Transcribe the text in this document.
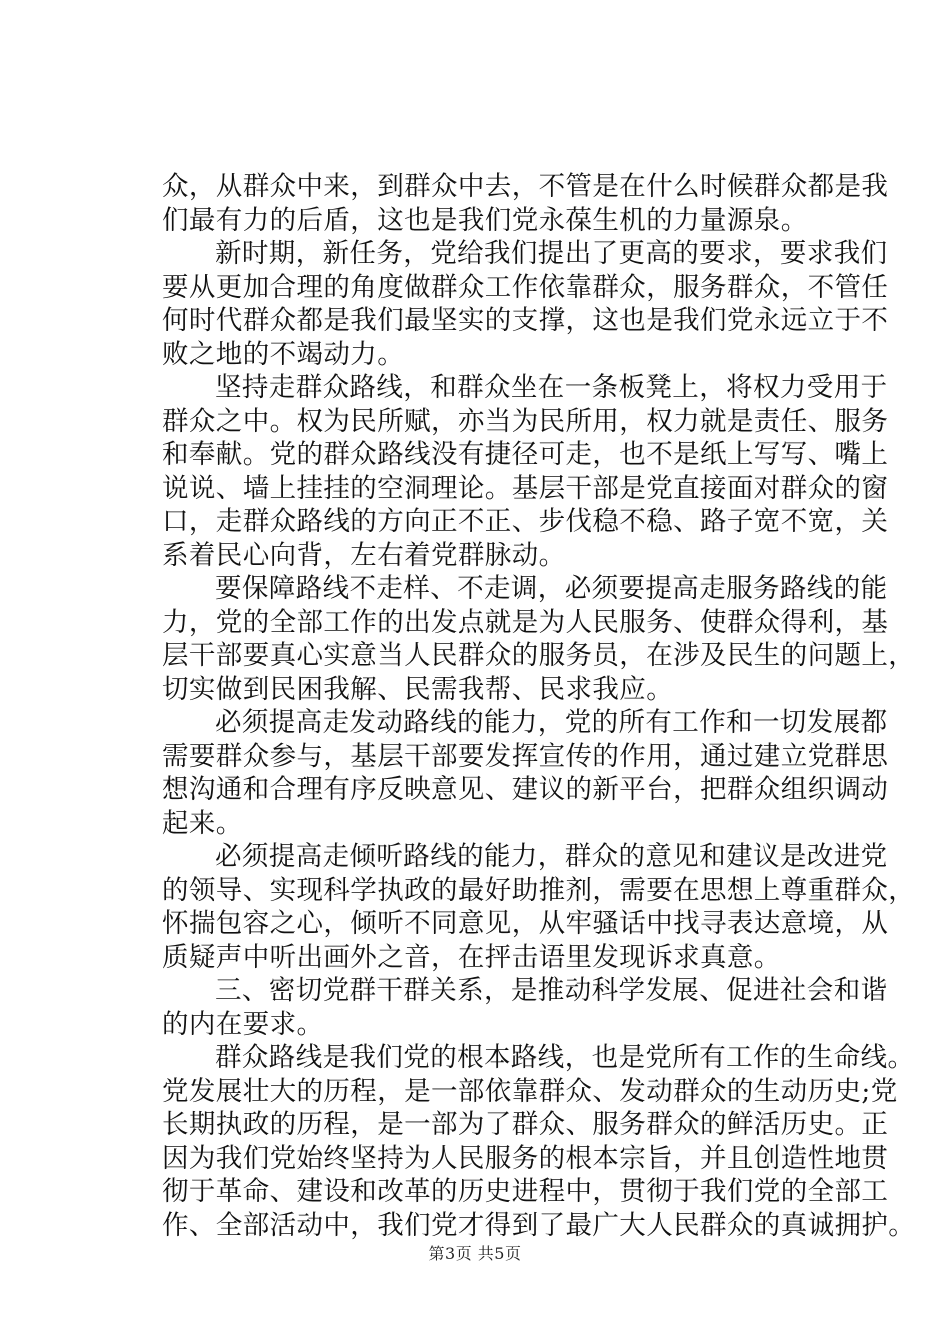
众，从群众中来，到群众中去，不管是在什么时候群众都是我
们最有力的后盾，这也是我们党永葆生机的力量源泉。
新时期，新任务，党给我们提出了更高的要求，要求我们
要从更加合理的角度做群众工作依靠群众，服务群众，不管任
何时代群众都是我们最坚实的支撑，这也是我们党永远立于不
败之地的不竭动力。
坚持走群众路线，和群众坐在一条板凳上，将权力受用于
群众之中。权为民所赋，亦当为民所用，权力就是责任、服务
和奉献。党的群众路线没有捷径可走，也不是纸上写写、嘴上
说说、墙上挂挂的空洞理论。基层干部是党直接面对群众的窗
口，走群众路线的方向正不正、步伐稳不稳、路子宽不宽，关
系着民心向背，左右着党群脉动。
要保障路线不走样、不走调，必须要提高走服务路线的能
力，党的全部工作的出发点就是为人民服务、使群众得利，基
层干部要真心实意当人民群众的服务员，在涉及民生的问题上，
切实做到民困我解、民需我帮、民求我应。
必须提高走发动路线的能力，党的所有工作和一切发展都
需要群众参与，基层干部要发挥宣传的作用，通过建立党群思
想沟通和合理有序反映意见、建议的新平台，把群众组织调动
起来。
必须提高走倾听路线的能力，群众的意见和建议是改进党
的领导、实现科学执政的最好助推剂，需要在思想上尊重群众，
怀揣包容之心，倾听不同意见，从牢骚话中找寻表达意境，从
质疑声中听出画外之音，在抨击语里发现诉求真意。
三、密切党群干群关系，是推动科学发展、促进社会和谐
的内在要求。
群众路线是我们党的根本路线，也是党所有工作的生命线。
党发展壮大的历程，是一部依靠群众、发动群众的生动历史;党
长期执政的历程，是一部为了群众、服务群众的鲜活历史。正
因为我们党始终坚持为人民服务的根本宗旨，并且创造性地贯
彻于革命、建设和改革的历史进程中，贯彻于我们党的全部工
作、全部活动中，我们党才得到了最广大人民群众的真诚拥护。
第3页 共5页
